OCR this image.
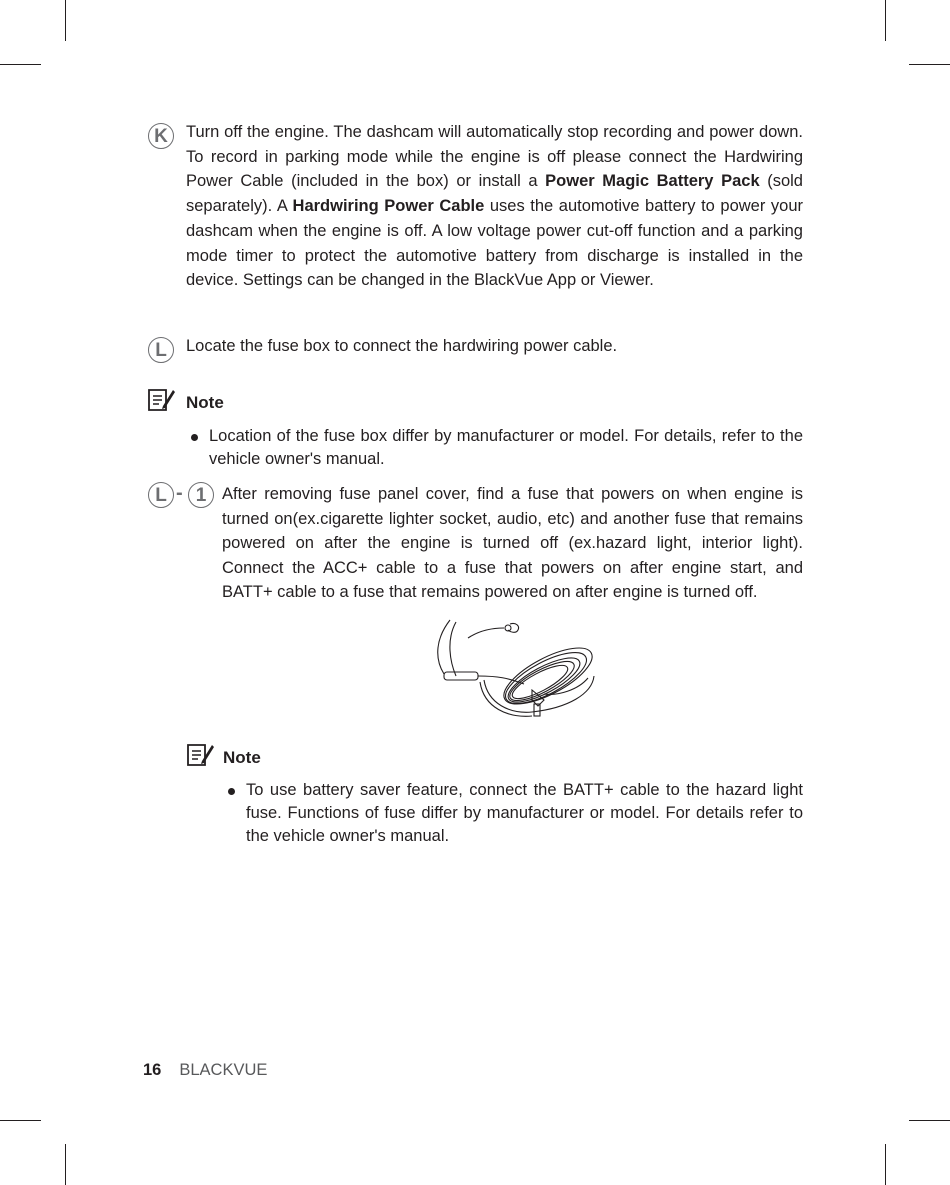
K	Turn off the engine. The dashcam will automatically stop recording and power down. To record in parking mode while the engine is off please connect the Hardwiring Power Cable (included in the box) or install a Power Magic Battery Pack (sold separately). A Hardwiring Power Cable uses the automotive battery to power your dashcam when the engine is off. A low voltage power cut-off function and a parking mode timer to protect the automotive battery from discharge is installed in the device. Settings can be changed in the BlackVue App or Viewer.

L	Locate the fuse box to connect the hardwiring power cable.

Note

Location of the fuse box differ by manufacturer or model. For details, refer to the vehicle owner's manual.

L - 1 After removing fuse panel cover, find a fuse that powers on when engine is turned on(ex.cigarette lighter socket, audio, etc) and another fuse that remains powered on after the engine is turned off (ex.hazard light, interior light). Connect the ACC+ cable to a fuse that powers on after engine start, and BATT+ cable to a fuse that remains powered on after engine is turned off.

Note

To use battery saver feature, connect the BATT+ cable to the hazard light fuse. Functions of fuse differ by manufacturer or model. For details refer to the vehicle owner's manual.

16 BLACKVUE
